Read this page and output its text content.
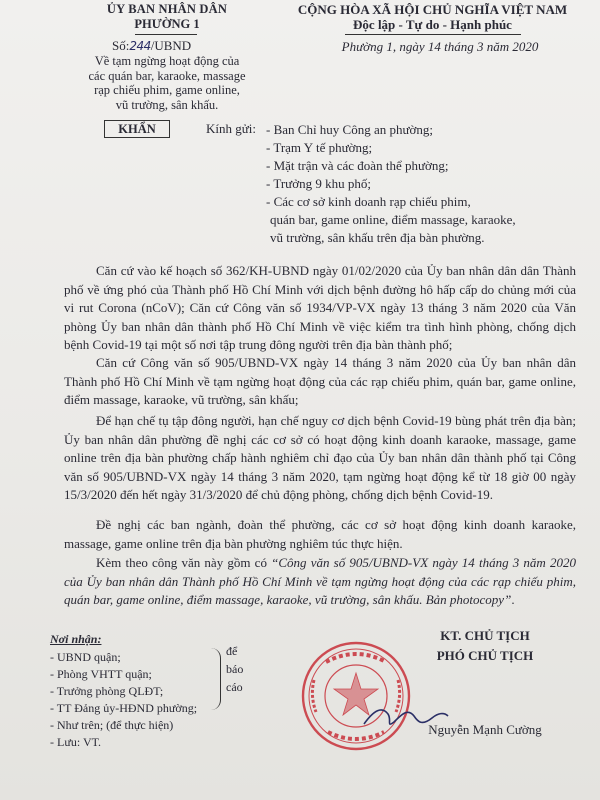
ỦY BAN NHÂN DÂN
PHƯỜNG 1
Số:244/UBND
Về tạm ngừng hoạt động của
các quán bar, karaoke, massage
rạp chiếu phim, game online,
vũ trường, sân khấu.
CỘNG HÒA XÃ HỘI CHỦ NGHĨA VIỆT NAM
Độc lập - Tự do - Hạnh phúc
Phường 1, ngày 14 tháng 3 năm 2020
KHẨN	Kính gửi: - Ban Chỉ huy Công an phường;
- Trạm Y tế phường;
- Mặt trận và các đoàn thể phường;
- Trưởng 9 khu phố;
- Các cơ sở kinh doanh rạp chiếu phim,
quán bar, game online, điểm massage, karaoke,
vũ trường, sân khấu trên địa bàn phường.
Căn cứ vào kế hoạch số 362/KH-UBND ngày 01/02/2020 của Ủy ban nhân dân dân Thành phố về ứng phó của Thành phố Hồ Chí Minh với dịch bệnh đường hô hấp cấp do chủng mới của vi rut Corona (nCoV); Căn cứ Công văn số 1934/VP-VX ngày 13 tháng 3 năm 2020 của Văn phòng Ủy ban nhân dân thành phố Hồ Chí Minh về việc kiểm tra tình hình phòng, chống dịch bệnh Covid-19 tại một số nơi tập trung đông người trên địa bàn thành phố;
Căn cứ Công văn số 905/UBND-VX ngày 14 tháng 3 năm 2020 của Ủy ban nhân dân Thành phố Hồ Chí Minh về tạm ngừng hoạt động của các rạp chiếu phim, quán bar, game online, điểm massage, karaoke, vũ trường, sân khấu;
Để hạn chế tụ tập đông người, hạn chế nguy cơ dịch bệnh Covid-19 bùng phát trên địa bàn; Ủy ban nhân dân phường đề nghị các cơ sở có hoạt động kinh doanh karaoke, massage, game online trên địa bàn phường chấp hành nghiêm chỉ đạo của Ủy ban nhân dân thành phố tại Công văn số 905/UBND-VX ngày 14 tháng 3 năm 2020, tạm ngừng hoạt động kể từ 18 giờ 00 ngày 15/3/2020 đến hết ngày 31/3/2020 để chủ động phòng, chống dịch bệnh Covid-19.
Đề nghị các ban ngành, đoàn thể phường, các cơ sở hoạt động kinh doanh karaoke, massage, game online trên địa bàn phường nghiêm túc thực hiện.
Kèm theo công văn này gồm có “Công văn số 905/UBND-VX ngày 14 tháng 3 năm 2020 của Ủy ban nhân dân Thành phố Hồ Chí Minh về tạm ngừng hoạt động của các rạp chiếu phim, quán bar, game online, điểm massage, karaoke, vũ trường, sân khấu. Bản photocopy”.
Nơi nhận:
- UBND quận;
- Phòng VHTT quận;
- Trưởng phòng QLĐT;
- TT Đảng ủy-HĐND phường;
- Như trên; (để thực hiện)
- Lưu: VT.
để
báo
cáo
KT. CHỦ TỊCH
PHÓ CHỦ TỊCH
Nguyễn Mạnh Cường
